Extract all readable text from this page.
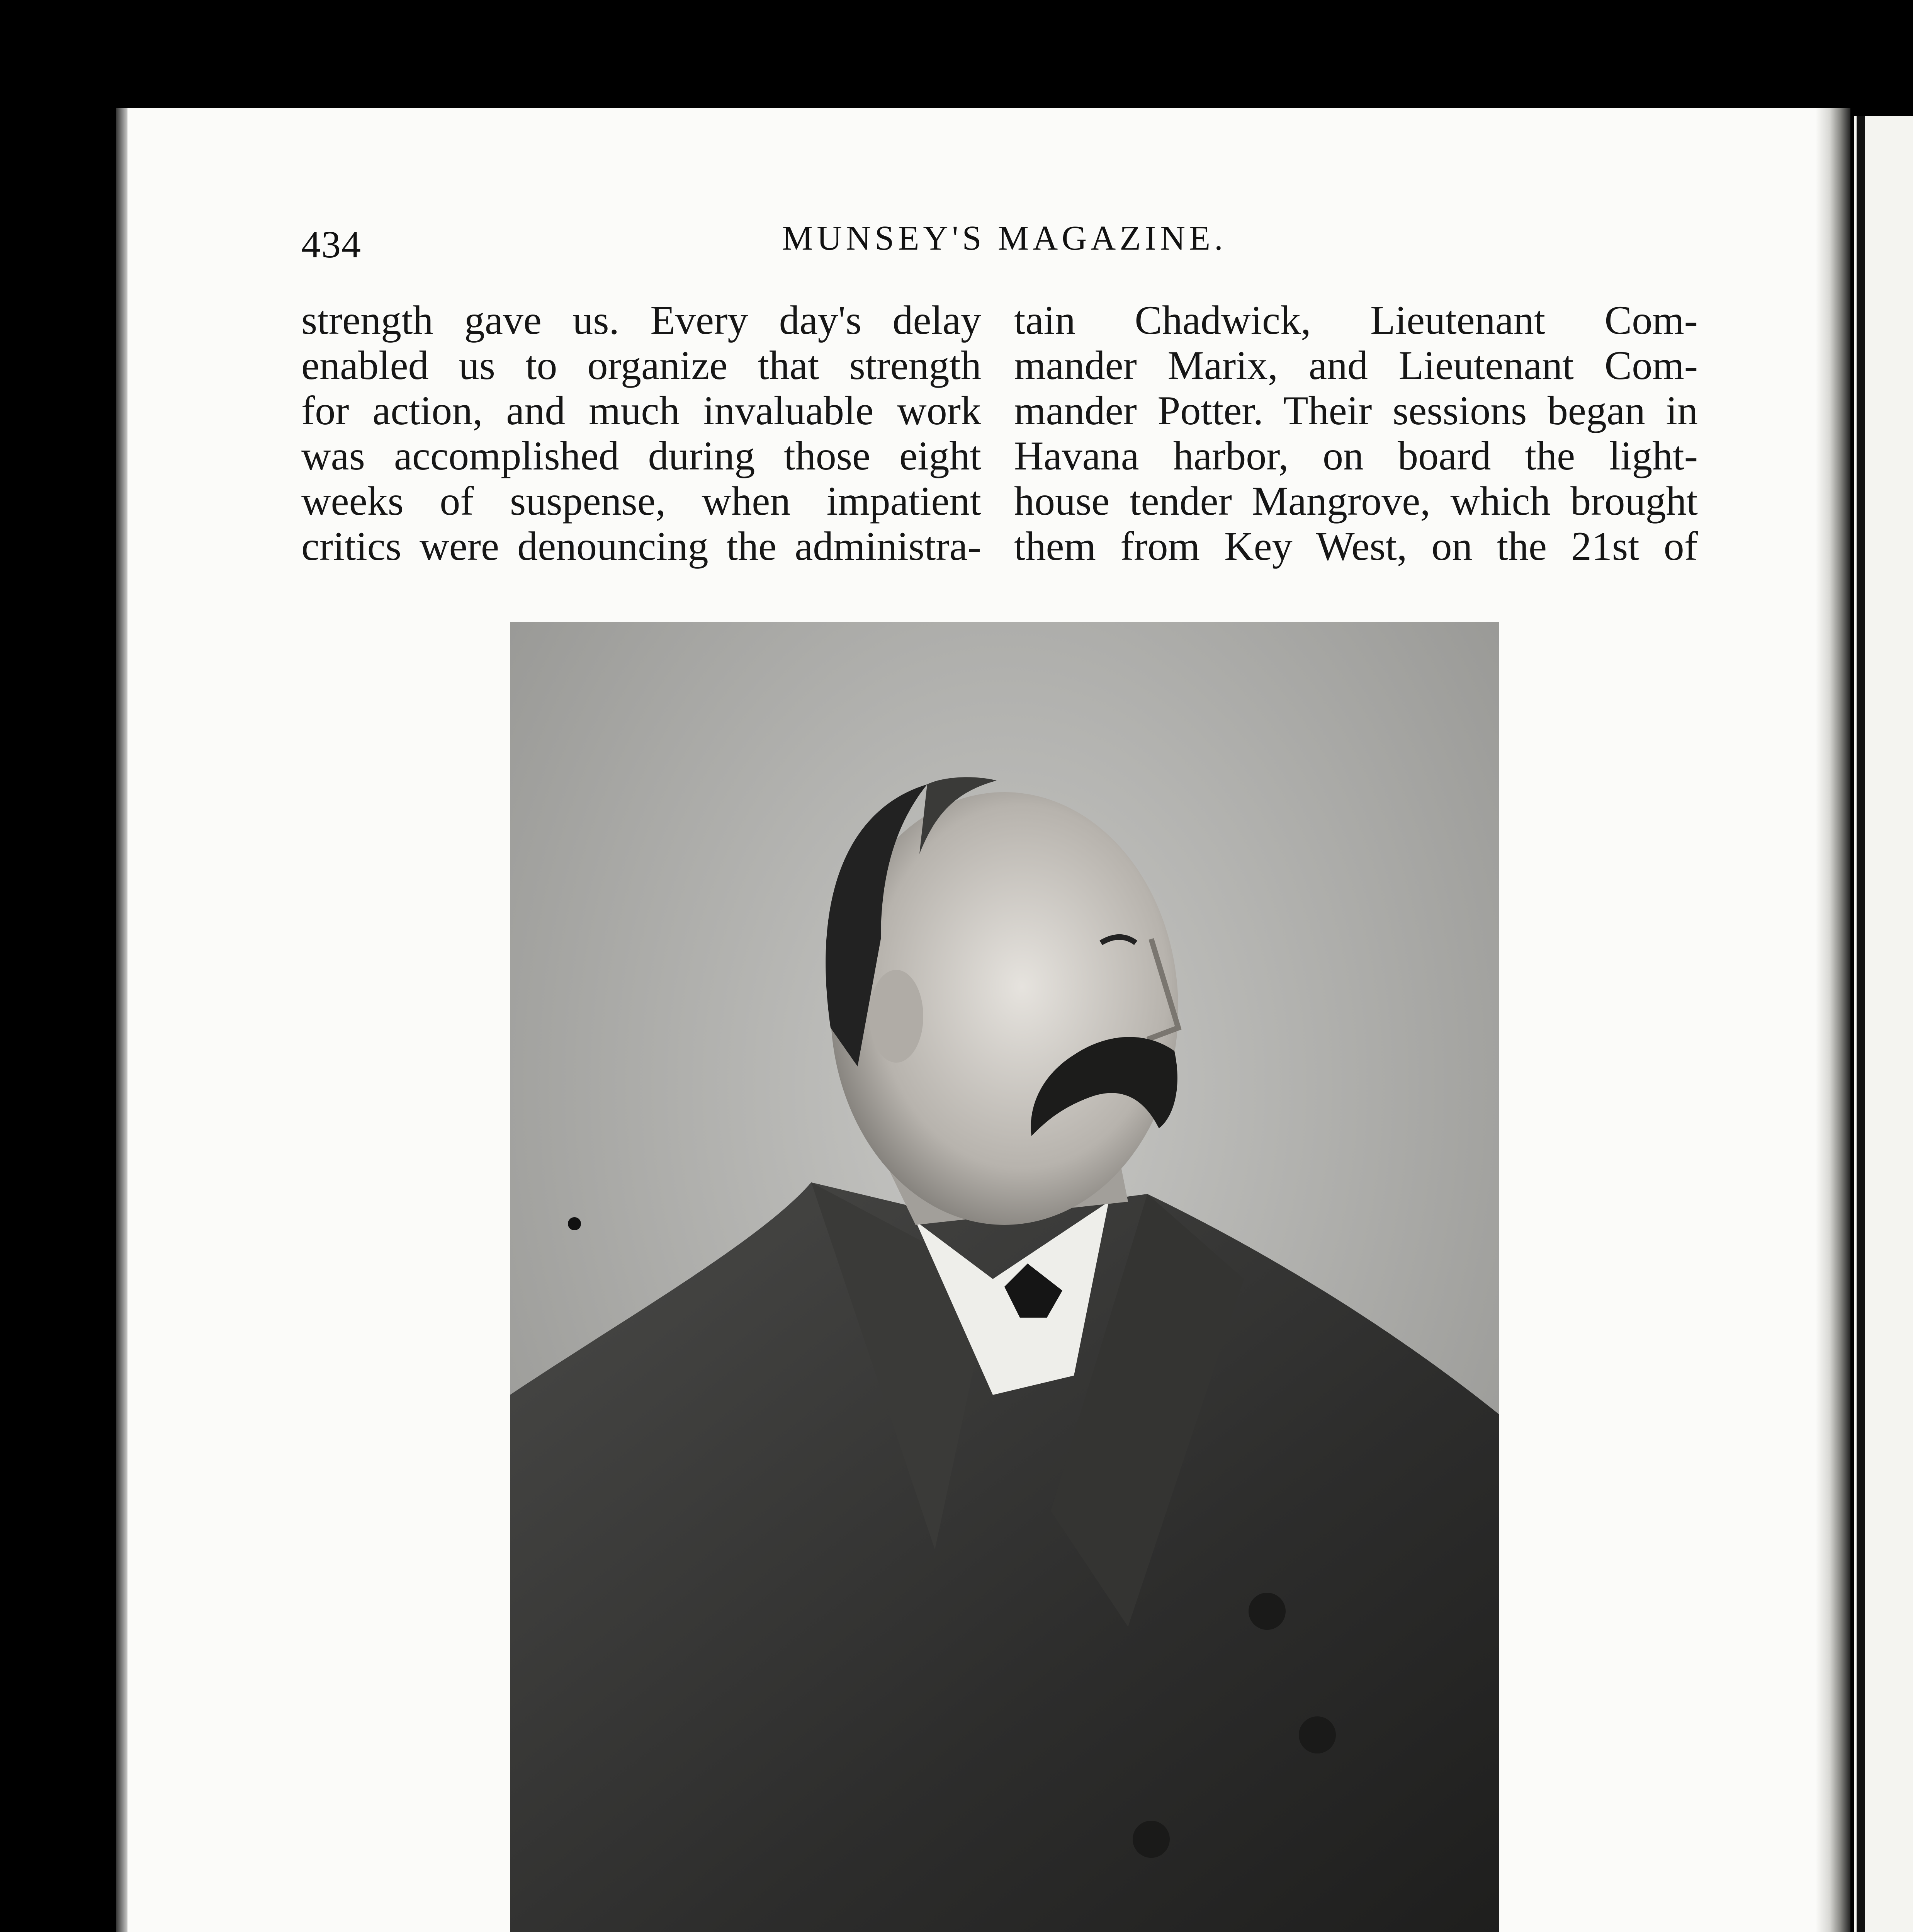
434	MUNSEY'S MAGAZINE.
strength gave us. Every day's delay
enabled us to organize that strength
for action, and much invaluable work
was accomplished during those eight
weeks of suspense, when impatient
critics were denouncing the administra-
tain Chadwick, Lieutenant Com-
mander Marix, and Lieutenant Com-
mander Potter. Their sessions began in
Havana harbor, on board the light-
house tender Mangrove, which brought
them from Key West, on the 21st of
